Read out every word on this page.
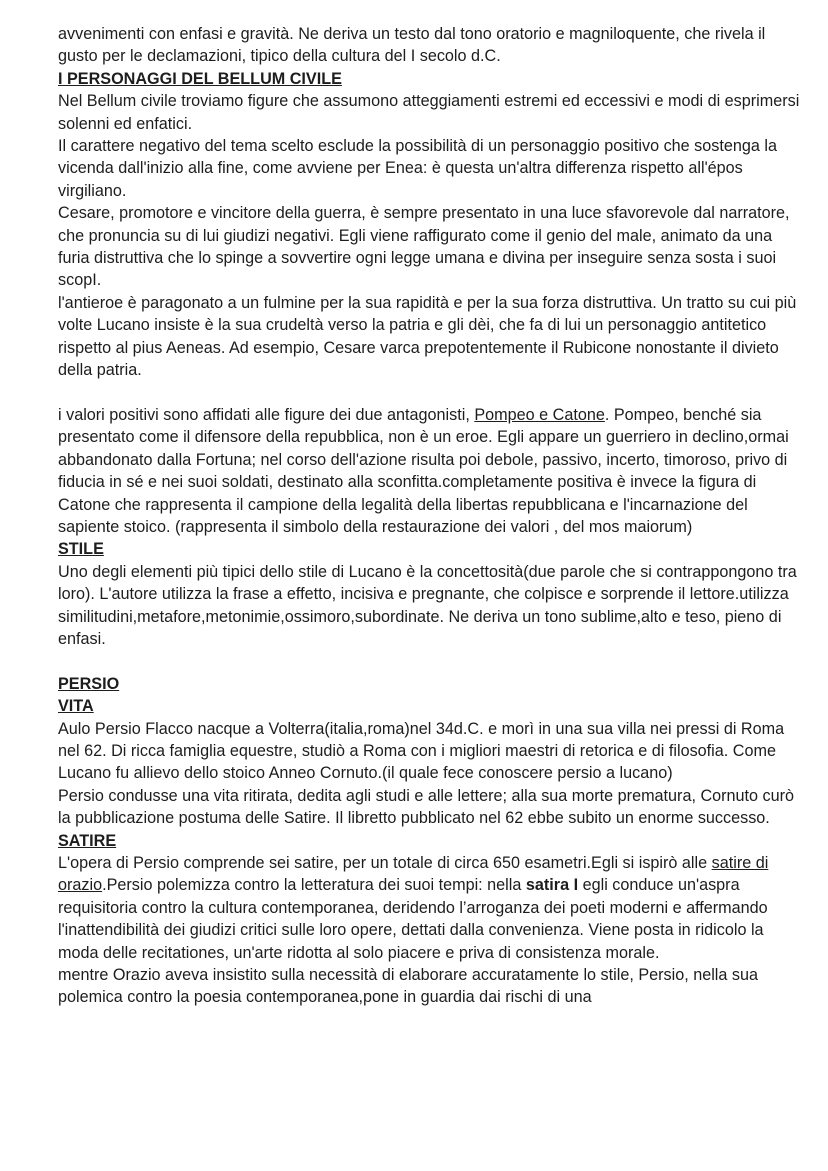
avvenimenti con enfasi e gravità. Ne deriva un testo dal tono oratorio e magniloquente, che rivela il gusto per le declamazioni, tipico della cultura del I secolo d.C.

I PERSONAGGI DEL BELLUM CIVILE

Nel Bellum civile troviamo figure che assumono atteggiamenti estremi ed eccessivi e modi di esprimersi solenni ed enfatici.

Il carattere negativo del tema scelto esclude la possibilità di un personaggio positivo che sostenga la vicenda dall'inizio alla fine, come avviene per Enea: è questa un'altra differenza rispetto all'épos virgiliano.

Cesare, promotore e vincitore della guerra, è sempre presentato in una luce sfavorevole dal narratore, che pronuncia su di lui giudizi negativi. Egli viene raffigurato come il genio del male, animato da una furia distruttiva che lo spinge a sovvertire ogni legge umana e divina per inseguire senza sosta i suoi scopI.

l'antieroe è paragonato a un fulmine per la sua rapidità e per la sua forza distruttiva. Un tratto su cui più volte Lucano insiste è la sua crudeltà verso la patria e gli dèi, che fa di lui un personaggio antitetico rispetto al pius Aeneas. Ad esempio, Cesare varca prepotentemente il Rubicone nonostante il divieto della patria.

i valori positivi sono affidati alle figure dei due antagonisti, Pompeo e Catone. Pompeo, benché sia presentato come il difensore della repubblica, non è un eroe. Egli appare un guerriero in declino,ormai abbandonato dalla Fortuna; nel corso dell'azione risulta poi debole, passivo, incerto, timoroso, privo di fiducia in sé e nei suoi soldati, destinato alla sconfitta.completamente positiva è invece la figura di Catone che rappresenta il campione della legalità della libertas repubblicana e l'incarnazione del sapiente stoico. (rappresenta il simbolo della restaurazione dei valori , del mos maiorum)

STILE

Uno degli elementi più tipici dello stile di Lucano è la concettosità(due parole che si contrappongono tra loro). L'autore utilizza la frase a effetto, incisiva e pregnante, che colpisce e sorprende il lettore.utilizza similitudini,metafore,metonimie,ossimoro,subordinate. Ne deriva un tono sublime,alto e teso, pieno di enfasi.

PERSIO

VITA

Aulo Persio Flacco nacque a Volterra(italia,roma)nel 34d.C. e morì in una sua villa nei pressi di Roma nel 62. Di ricca famiglia equestre, studiò a Roma con i migliori maestri di retorica e di filosofia. Come Lucano fu allievo dello stoico Anneo Cornuto.(il quale fece conoscere persio a lucano)

Persio condusse una vita ritirata, dedita agli studi e alle lettere; alla sua morte prematura, Cornuto curò la pubblicazione postuma delle Satire. Il libretto pubblicato nel 62 ebbe subito un enorme successo.

SATIRE

L'opera di Persio comprende sei satire, per un totale di circa 650 esametri.Egli si ispirò alle satire di orazio.Persio polemizza contro la letteratura dei suoi tempi: nella satira I egli conduce un'aspra requisitoria contro la cultura contemporanea, deridendo l’arroganza dei poeti moderni e affermando l'inattendibilità dei giudizi critici sulle loro opere, dettati dalla convenienza. Viene posta in ridicolo la moda delle recitationes, un'arte ridotta al solo piacere e priva di consistenza morale.

mentre Orazio aveva insistito sulla necessità di elaborare accuratamente lo stile, Persio, nella sua polemica contro la poesia contemporanea,pone in guardia dai rischi di una
